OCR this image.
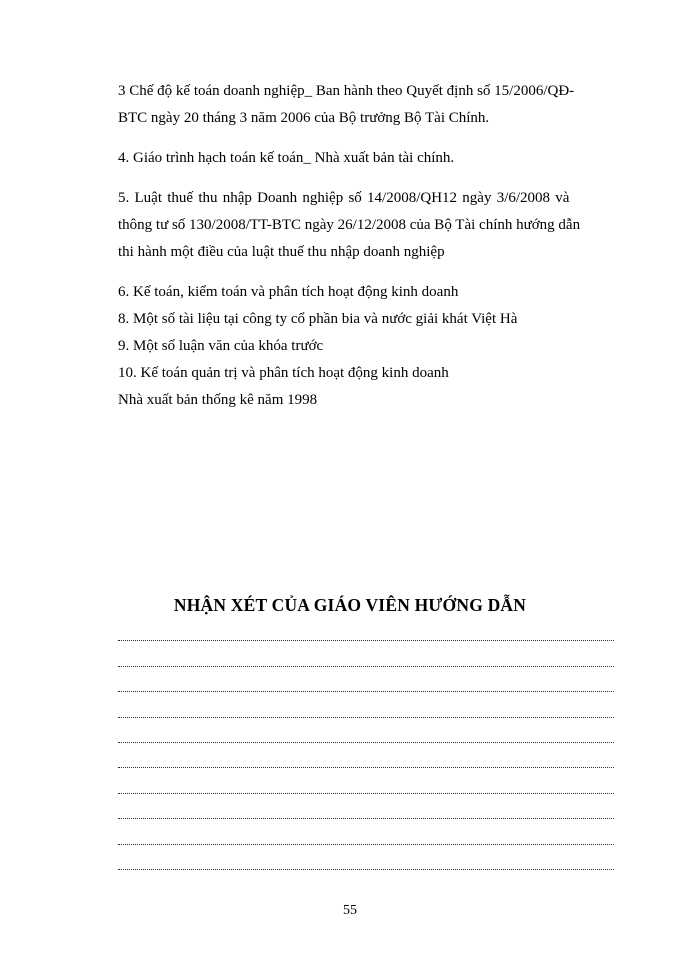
3 Chế độ kế toán doanh nghiệp_ Ban hành theo Quyết định số 15/2006/QĐ-
BTC ngày 20 tháng 3 năm 2006 của Bộ trưởng Bộ Tài Chính.
4. Giáo trình hạch toán kế toán_ Nhà xuất bản tài chính.
5. Luật thuế thu nhập Doanh nghiệp số 14/2008/QH12 ngày 3/6/2008 và
thông tư số 130/2008/TT-BTC ngày 26/12/2008 của Bộ Tài chính hướng dẫn
thi hành một điều của luật thuế thu nhập doanh nghiệp
6. Kế toán, kiểm toán và phân tích hoạt động kinh doanh
8. Một số tài liệu tại công ty cổ phần bia và nước giải khát Việt Hà
9. Một số luận văn của khóa trước
10. Kế toán quản trị và phân tích hoạt động kinh doanh
Nhà xuất bản thống kê năm 1998
NHẬN XÉT CỦA GIÁO VIÊN HƯỚNG DẪN
55
